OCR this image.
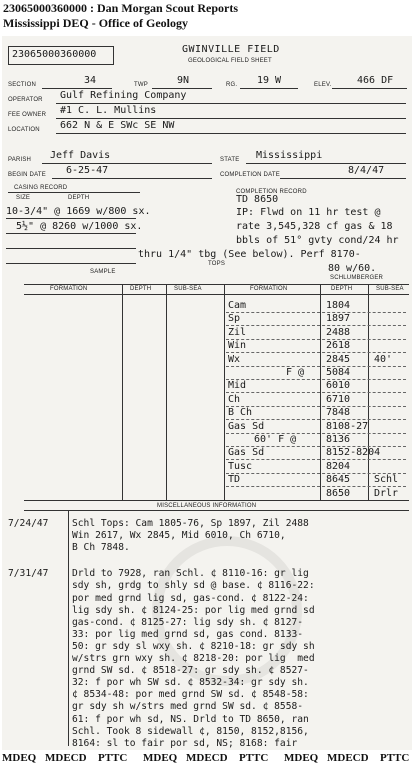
23065000360000 : Dan Morgan Scout Reports
Mississippi DEQ - Office of Geology
23065000360000	GWINVILLE FIELD
GEOLOGICAL FIELD SHEET
SECTION	34	TWP	9N	RG. 19 W	ELEV.	466 DF
OPERATOR Gulf Refining Company
FEE OWNER #1 C. L. Mullins
LOCATION 662 N & E SWc SE NW
PARISH Jeff Davis	STATE Mississippi
BEGIN DATE 6-25-47	COMPLETION DATE	8/4/47
CASING RECORD
COMPLETION RECORD
SIZE	DEPTH	TD 8650
10-3/4" @ 1669 w/800 sx.
5½" @ 8260 w/1000 sx.
IP: Flwd on 11 hr test @
rate 3,545,328 cf gas & 18
bbls of 51° gvty cond/24 hr
thru 1/4" tbg (See below). Perf 8170-
80 w/60.
SAMPLE
TOPS
SCHLUMBERGER
FORMATION	DEPTH	SUB-SEA	FORMATION	DEPTH	SUB-SEA
Cam	1804
Sp	1897
Zil	2488
Win	2618
Wx	2845 40'
F @ 5084
Mid	6010
Ch	6710
B Ch	7848
Gas Sd	8108-27
60' F @	8136
Gas Sd	8152-8204
Tusc	8204
TD	8645 Schl
8650 Drlr
MISCELLANEOUS INFORMATION
7/24/47 Schl Tops: Cam 1805-76, Sp 1897, Zil 2488
Win 2617, Wx 2845, Mid 6010, Ch 6710,
B Ch 7848.
7/31/47 Drld to 7928, ran Schl. ¢ 8110-16: gr lig
sdy sh, grdg to shly sd @ base. ¢ 8116-22:
por med grnd lig sd, gas-cond. ¢ 8122-24:
lig sdy sh. ¢ 8124-25: por lig med grnd sd
gas-cond. ¢ 8125-27: lig sdy sh. ¢ 8127-
33: por lig med grnd sd, gas cond. 8133-
50: gr sdy sl wxy sh. ¢ 8210-18: gr sdy sh
w/strs grn wxy sh. ¢ 8218-20: por lig  med
grnd SW sd. ¢ 8518-27: gr sdy sh. ¢ 8527-
32: f por wh SW sd. ¢ 8532-34: gr sdy sh.
¢ 8534-48: por med grnd SW sd. ¢ 8548-58:
gr sdy sh w/strs med grnd SW sd. ¢ 8558-
61: f por wh sd, NS. Drld to TD 8650, ran
Schl. Took 8 sidewall ¢, 8150, 8152,8156,
8164: sl to fair por sd, NS; 8168: fair
MDEQ MDECD PTTC MDEQ MDECD PTTC MDEQ MDECD PTTC
